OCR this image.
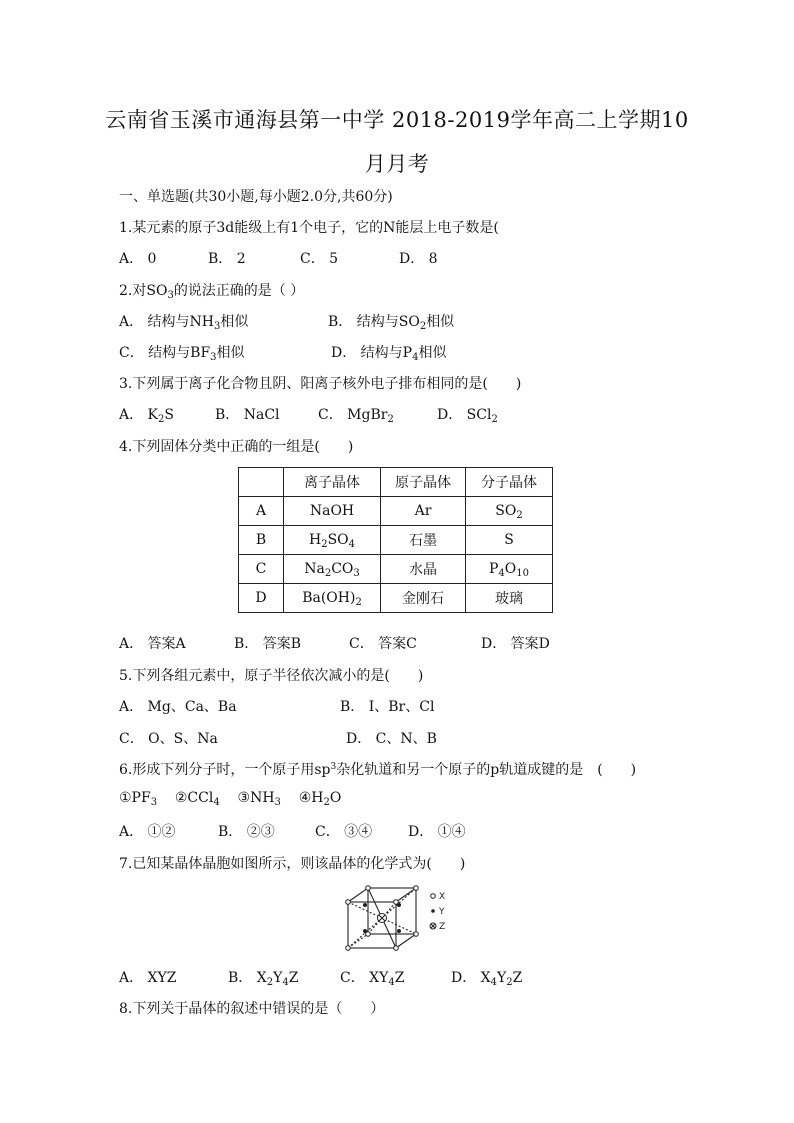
云南省玉溪市通海县第一中学 2018-2019学年高二上学期10
月月考
一、单选题(共30小题,每小题2.0分,共60分)
1.某元素的原子3d能级上有1个电子，它的N能层上电子数是(
A． 0	B． 2	C． 5	D． 8
2.对$SO_3$的说法正确的是（ ）
A． 结构与$NH_3$相似	B． 结构与$SO_2$相似
C． 结构与$BF_3$相似	D． 结构与$P_4$相似
3.下列属于离子化合物且阴、阳离子核外电子排布相同的是(　　)
A． $K_2S$	B． NaCl	C． MgBr$_2$	D． SCl$_2$
4.下列固体分类中正确的一组是(　　)
	离子晶体	原子晶体	分子晶体
A	NaOH	Ar	$SO_2$
B	$H_2SO_4$	石墨	S
C	$Na_2CO_3$	水晶	$P_4O_{10}$
D	$Ba(OH)_2$	金刚石	玻璃
A． 答案A	B． 答案B	C． 答案C	D． 答案D
5.下列各组元素中，原子半径依次减小的是(　　)
A． Mg、Ca、Ba	B． I、Br、Cl
C． O、S、Na	D． C、N、B
6.形成下列分子时，一个原子用$sp^3$杂化轨道和另一个原子的p轨道成键的是　(　　)
$①PF_3$ ②CCl$_4$ $③NH_3$ $④H_2O$
A． ①②	B． ②③	C． ③④	D． ①④
7.已知某晶体晶胞如图所示，则该晶体的化学式为(　　)
X
Y
Z
A． XYZ	B． $X_2Y_4Z$	C． $XY_4Z$	D． $X_4Y_2Z$
8.下列关于晶体的叙述中错误的是（　　）
